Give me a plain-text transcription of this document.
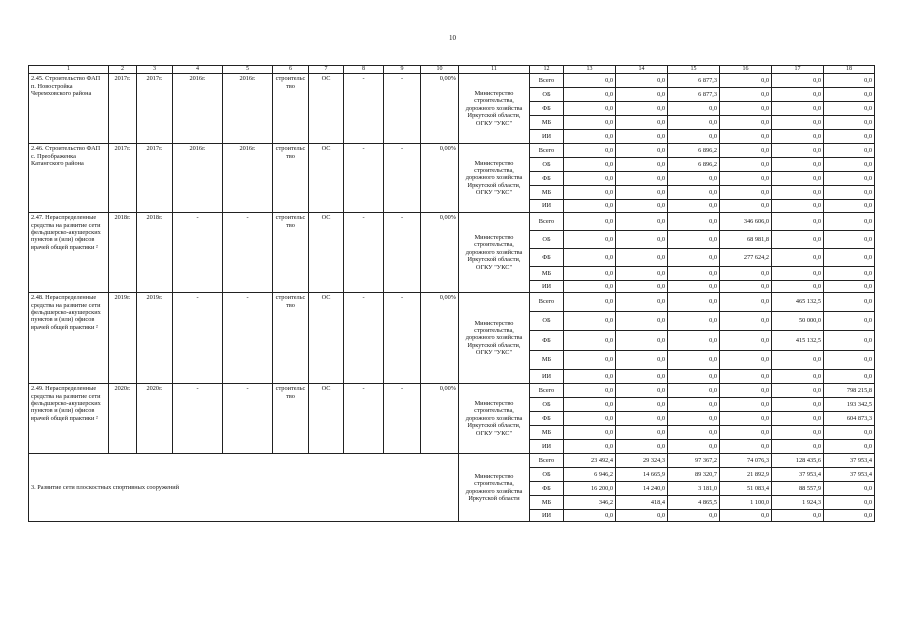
10
1	2	3	4	5	6	7	8	9	10	11	12	13	14	15	16	17	18
2.45. Строительство ФАП п. Новостройка Черемховского района	2017г.	2017г.	2016г.	2016г.	строительс тво	ОС	-	-	0,00%	Министерство строительства, дорожного хозяйства Иркутской области, ОГКУ "УКС"	Всего	0,0	0,0	6 877,3	0,0	0,0	0,0
											ОБ	0,0	0,0	6 877,3	0,0	0,0	0,0
											ФБ	0,0	0,0	0,0	0,0	0,0	0,0
											МБ	0,0	0,0	0,0	0,0	0,0	0,0
											ИИ	0,0	0,0	0,0	0,0	0,0	0,0
2.46. Строительство ФАП с. Преображенка Катангского района	2017г.	2017г.	2016г.	2016г.	строительс тво	ОС	-	-	0,00%	Министерство строительства, дорожного хозяйства Иркутской области, ОГКУ "УКС"	Всего	0,0	0,0	6 896,2	0,0	0,0	0,0
											ОБ	0,0	0,0	6 896,2	0,0	0,0	0,0
											ФБ	0,0	0,0	0,0	0,0	0,0	0,0
											МБ	0,0	0,0	0,0	0,0	0,0	0,0
											ИИ	0,0	0,0	0,0	0,0	0,0	0,0
2.47. Нераспределенные средства на развитие сети фельдшерско-акушерских пунктов и (или) офисов врачей общей практики ²	2018г.	2018г.	-	-	строительс тво	ОС	-	-	0,00%	Министерство строительства, дорожного хозяйства Иркутской области, ОГКУ "УКС"	Всего	0,0	0,0	0,0	346 606,0	0,0	0,0
											ОБ	0,0	0,0	0,0	68 981,8	0,0	0,0
											ФБ	0,0	0,0	0,0	277 624,2	0,0	0,0
											МБ	0,0	0,0	0,0	0,0	0,0	0,0
											ИИ	0,0	0,0	0,0	0,0	0,0	0,0
2.48. Нераспределенные средства на развитие сети фельдшерско-акушерских пунктов и (или) офисов врачей общей практики ²	2019г.	2019г.	-	-	строительс тво	ОС	-	-	0,00%	Министерство строительства, дорожного хозяйства Иркутской области, ОГКУ "УКС"	Всего	0,0	0,0	0,0	0,0	465 132,5	0,0
											ОБ	0,0	0,0	0,0	0,0	50 000,0	0,0
											ФБ	0,0	0,0	0,0	0,0	415 132,5	0,0
											МБ	0,0	0,0	0,0	0,0	0,0	0,0
											ИИ	0,0	0,0	0,0	0,0	0,0	0,0
2.49. Нераспределенные средства на развитие сети фельдшерско-акушерских пунктов и (или) офисов врачей общей практики ²	2020г.	2020г.	-	-	строительс тво	ОС	-	-	0,00%	Министерство строительства, дорожного хозяйства Иркутской области, ОГКУ "УКС"	Всего	0,0	0,0	0,0	0,0	0,0	798 215,8
											ОБ	0,0	0,0	0,0	0,0	0,0	193 342,5
											ФБ	0,0	0,0	0,0	0,0	0,0	604 873,3
											МБ	0,0	0,0	0,0	0,0	0,0	0,0
											ИИ	0,0	0,0	0,0	0,0	0,0	0,0
3. Развитие сети плоскостных спортивных сооружений										Министерство строительства, дорожного хозяйства Иркутской области	Всего	23 492,4	29 324,3	97 367,2	74 076,3	128 435,6	37 953,4
											ОБ	6 946,2	14 665,9	89 320,7	21 892,9	37 953,4	37 953,4
											ФБ	16 200,0	14 240,0	3 181,0	51 083,4	88 557,9	0,0
											МБ	346,2	418,4	4 865,5	1 100,0	1 924,3	0,0
											ИИ	0,0	0,0	0,0	0,0	0,0	0,0
